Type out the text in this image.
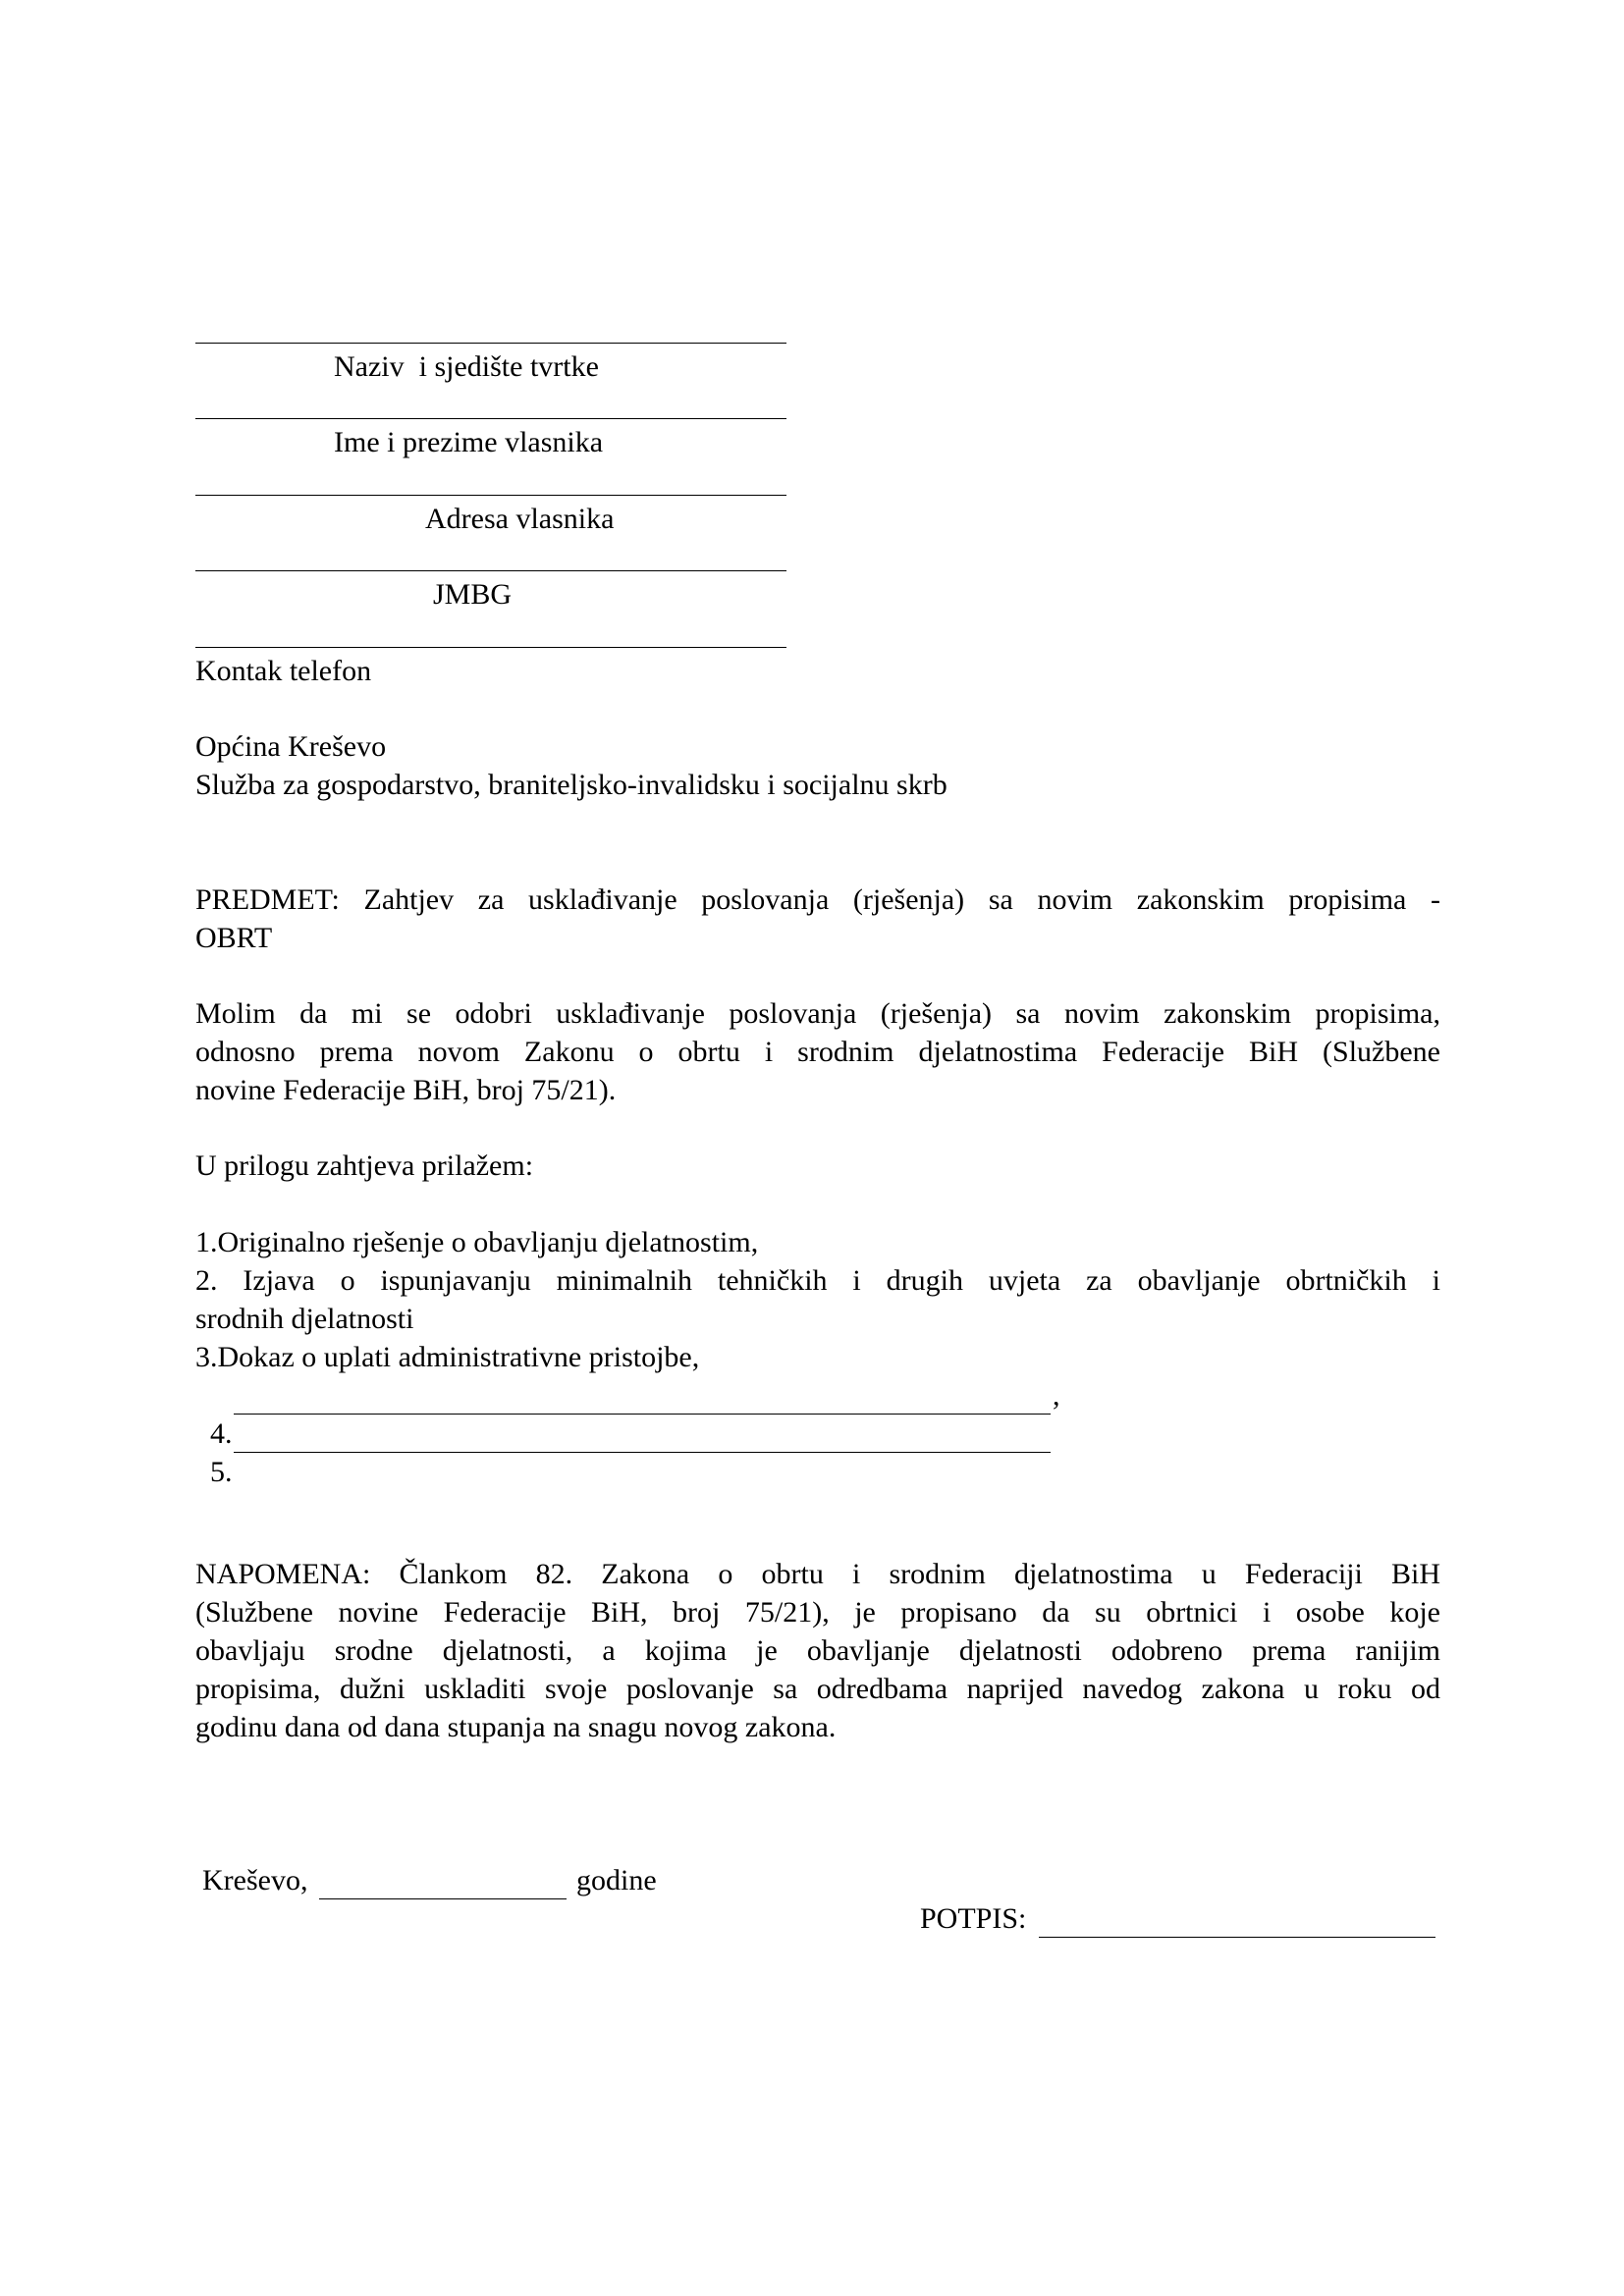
Naziv  i sjedište tvrtke
Ime i prezime vlasnika
Adresa vlasnika
JMBG
Kontak telefon
Općina Kreševo
Služba za gospodarstvo, braniteljsko-invalidsku i socijalnu skrb
PREDMET: Zahtjev za usklađivanje poslovanja (rješenja) sa novim zakonskim propisima -
OBRT
Molim da mi se odobri usklađivanje poslovanja (rješenja) sa novim zakonskim propisima,
odnosno prema novom Zakonu o obrtu i srodnim djelatnostima Federacije BiH (Službene
novine Federacije BiH, broj 75/21).
U prilogu zahtjeva prilažem:
1.Originalno rješenje o obavljanju djelatnostim,
2. Izjava o ispunjavanju minimalnih tehničkih i drugih uvjeta za obavljanje obrtničkih i
srodnih djelatnosti
3.Dokaz o uplati administrativne pristojbe,

4.

,

5.

NAPOMENA: Člankom 82. Zakona o obrtu i srodnim djelatnostima u Federaciji BiH
(Službene novine Federacije BiH, broj 75/21), je propisano da su obrtnici i osobe koje
obavljaju srodne djelatnosti, a kojima je obavljanje djelatnosti odobreno prema ranijim
propisima, dužni uskladiti svoje poslovanje sa odredbama naprijed navedog zakona u roku od
godinu dana od dana stupanja na snagu novog zakona.
Kreševo,	godine
POTPIS:
